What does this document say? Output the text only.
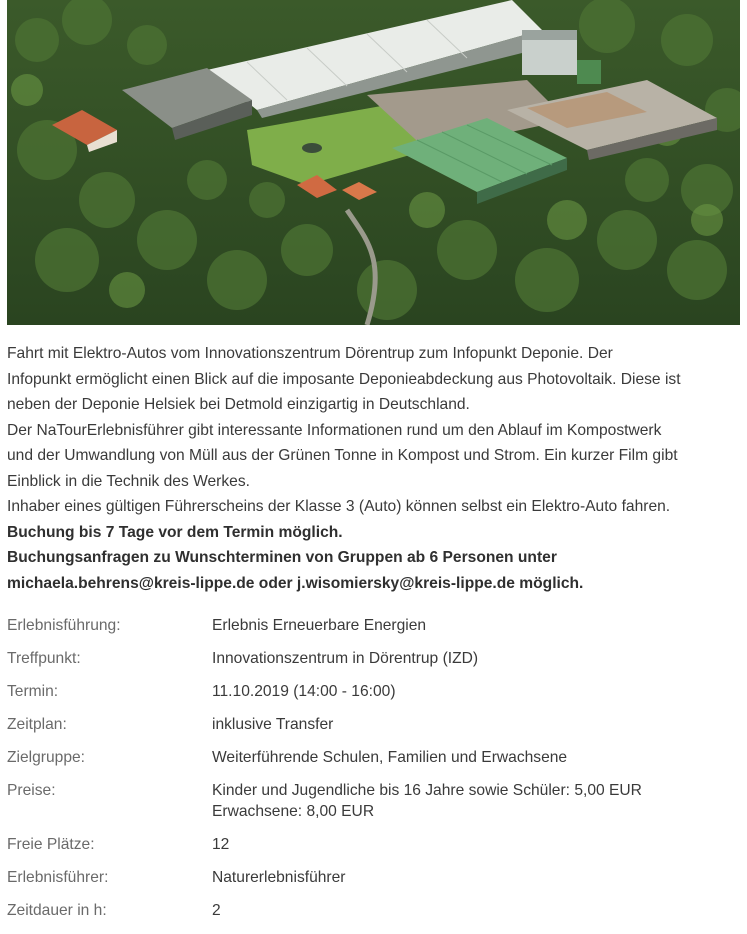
Fahrt mit Elektro-Autos vom Innovationszentrum Dörentrup zum Infopunkt Deponie. Der

Infopunkt ermöglicht einen Blick auf die imposante Deponieabdeckung aus Photovoltaik. Diese ist

neben der Deponie Helsiek bei Detmold einzigartig in Deutschland.

Der NaTourErlebnisführer gibt interessante Informationen rund um den Ablauf im Kompostwerk

und der Umwandlung von Müll aus der Grünen Tonne in Kompost und Strom. Ein kurzer Film gibt

Einblick in die Technik des Werkes.

Inhaber eines gültigen Führerscheins der Klasse 3 (Auto) können selbst ein Elektro-Auto fahren.

Buchung bis 7 Tage vor dem Termin möglich.

Buchungsanfragen zu Wunschterminen von Gruppen ab 6 Personen unter

michaela.behrens@kreis-lippe.de oder j.wisomiersky@kreis-lippe.de möglich.

Erlebnisführung:	Erlebnis Erneuerbare Energien
Treffpunkt:	Innovationszentrum in Dörentrup (IZD)
Termin:	11.10.2019 (14:00 - 16:00)
Zeitplan:	inklusive Transfer
Zielgruppe:	Weiterführende Schulen, Familien und Erwachsene
Preise:	Kinder und Jugendliche bis 16 Jahre sowie Schüler: 5,00 EUR
Erwachsene: 8,00 EUR

Freie Plätze:	12
Erlebnisführer:	Naturerlebnisführer
Zeitdauer in h:	2
